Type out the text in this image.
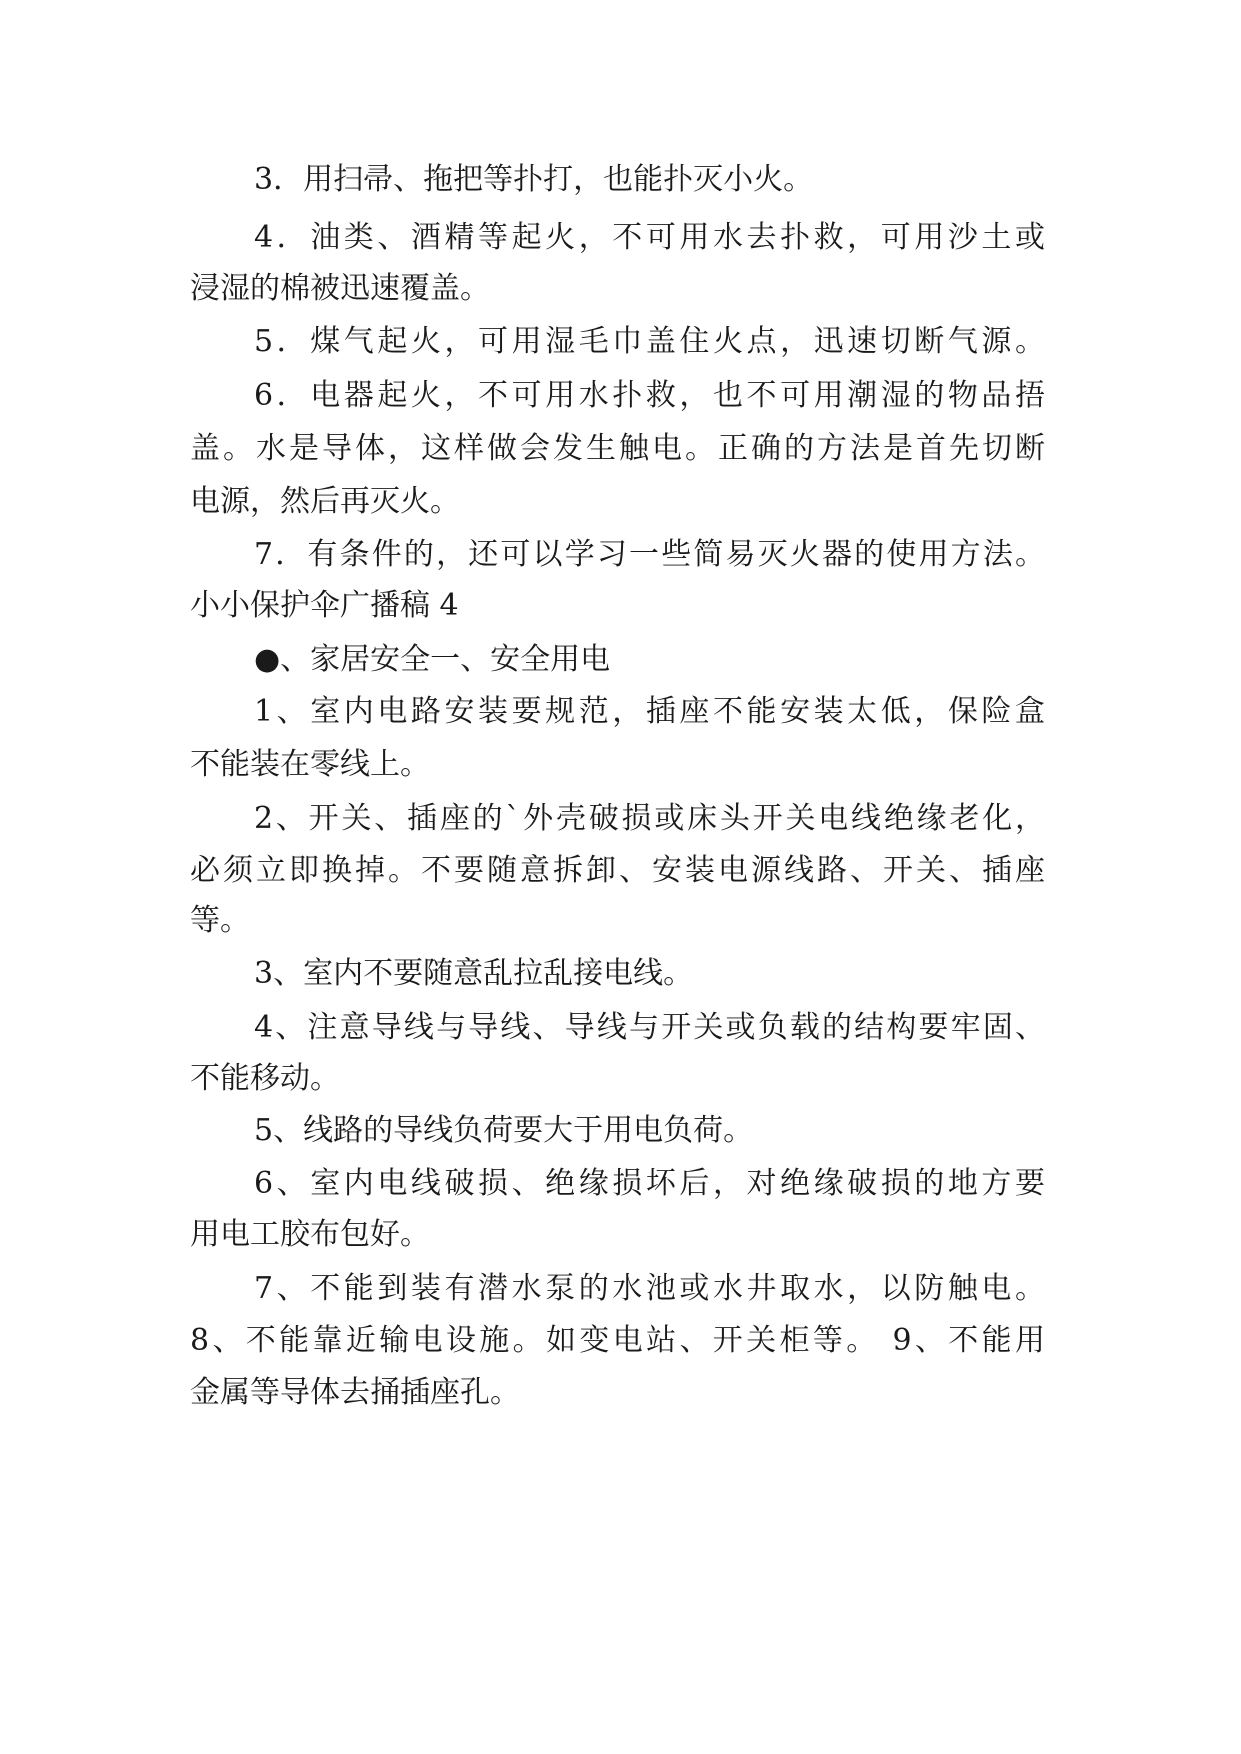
3．用扫帚、拖把等扑打，也能扑灭小火。

4．油类、酒精等起火，不可用水去扑救，可用沙土或

浸湿的棉被迅速覆盖。

5．煤气起火，可用湿毛巾盖住火点，迅速切断气源。

6．电器起火，不可用水扑救，也不可用潮湿的物品捂

盖。水是导体，这样做会发生触电。正确的方法是首先切断

电源，然后再灭火。

7．有条件的，还可以学习一些简易灭火器的使用方法。

小小保护伞广播稿 4

●、家居安全一、安全用电

1、室内电路安装要规范，插座不能安装太低，保险盒

不能装在零线上。

2、开关、插座的`外壳破损或床头开关电线绝缘老化，

必须立即换掉。不要随意拆卸、安装电源线路、开关、插座

等。

3、室内不要随意乱拉乱接电线。

4、注意导线与导线、导线与开关或负载的结构要牢固、

不能移动。

5、线路的导线负荷要大于用电负荷。

6、室内电线破损、绝缘损坏后，对绝缘破损的地方要

用电工胶布包好。

7、不能到装有潜水泵的水池或水井取水，以防触电。

8、不能靠近输电设施。如变电站、开关柜等。 9、不能用

金属等导体去捅插座孔。
